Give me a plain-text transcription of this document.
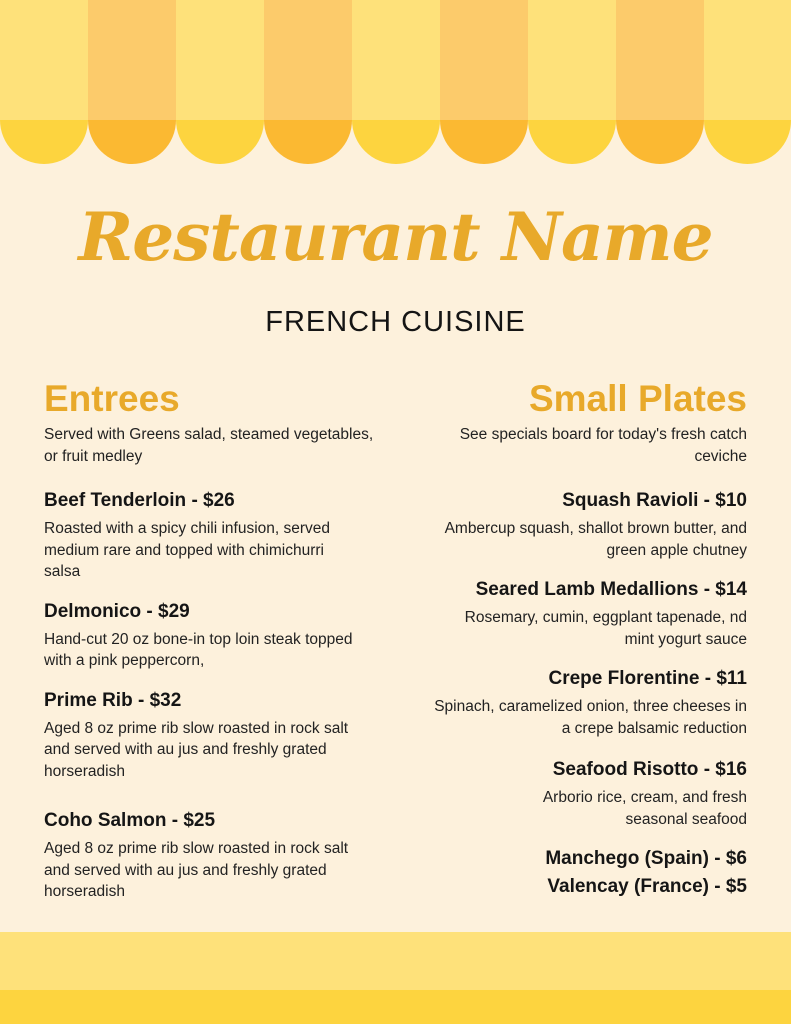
Restaurant Name
FRENCH CUISINE
Entrees

Served with Greens salad, steamed vegetables, or fruit medley

Beef Tenderloin - $26

Roasted with a spicy chili infusion, served medium rare and topped with chimichurri salsa

Delmonico - $29

Hand-cut 20 oz bone-in top loin steak topped with a pink peppercorn,

Prime Rib - $32

Aged 8 oz prime rib slow roasted in rock salt and served with au jus and freshly grated horseradish

Coho Salmon - $25

Aged 8 oz prime rib slow roasted in rock salt and served with au jus and freshly grated horseradish

Small Plates

See specials board for today's fresh catch ceviche

Squash Ravioli - $10

Ambercup squash, shallot brown butter, and green apple chutney

Seared Lamb Medallions - $14

Rosemary, cumin, eggplant tapenade, nd mint yogurt sauce

Crepe Florentine - $11

Spinach, caramelized onion, three cheeses in a crepe balsamic reduction

Seafood Risotto - $16

Arborio rice, cream, and fresh seasonal seafood

Manchego (Spain) - $6

Valencay (France) - $5
